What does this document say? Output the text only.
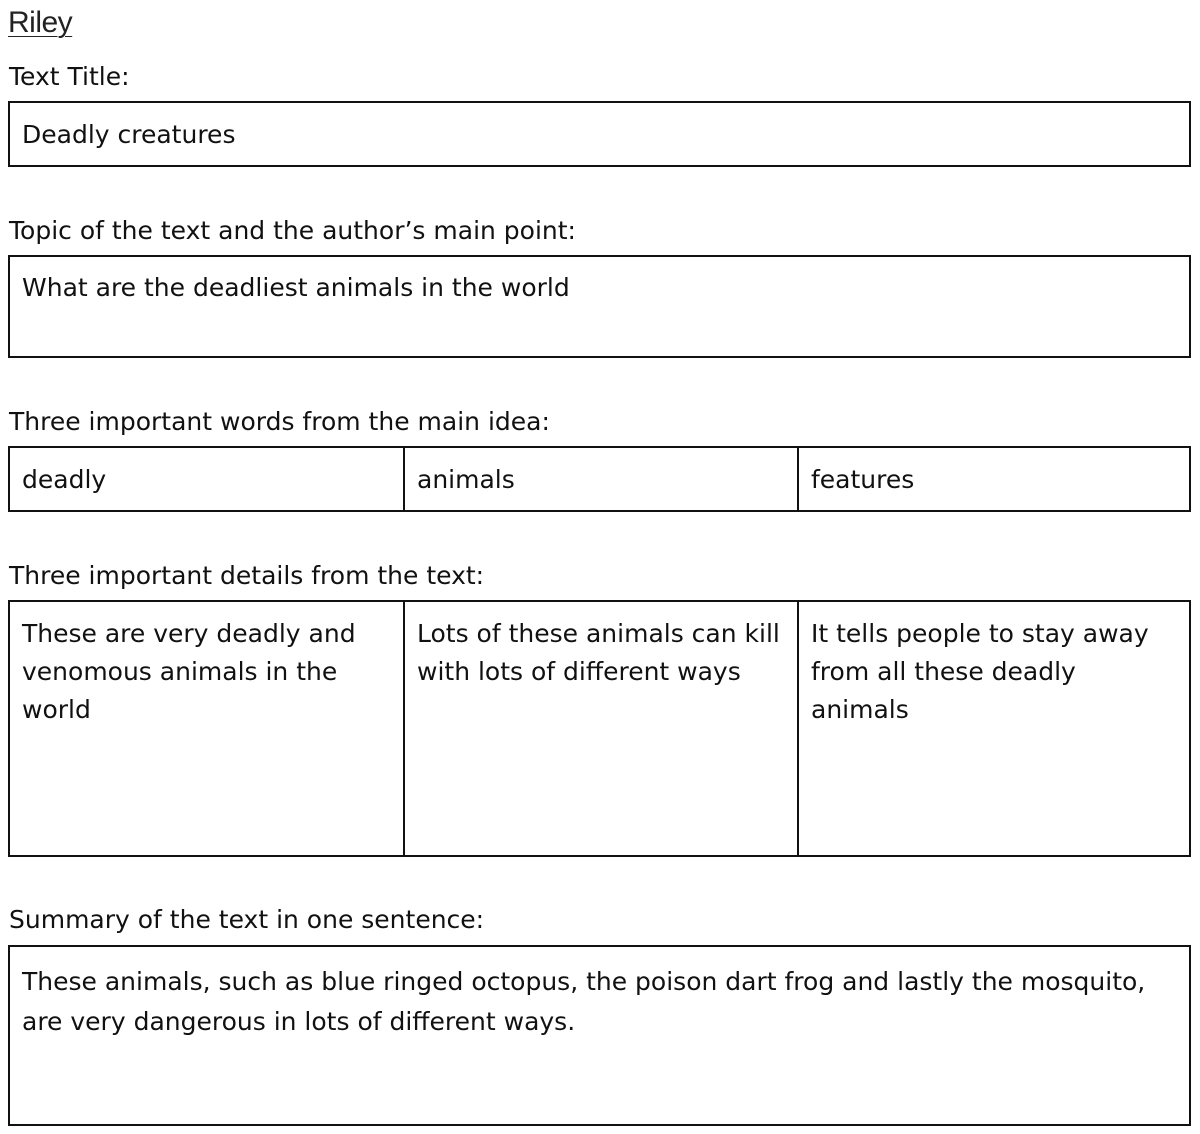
Riley
Text Title:
Deadly creatures
Topic of the text and the author’s main point:
What are the deadliest animals in the world
Three important words from the main idea:
deadly	animals	features
Three important details from the text:
These are very deadly and venomous animals in the world
Lots of these animals can kill with lots of different ways
It tells people to stay away from all these deadly animals
Summary of the text in one sentence:
These animals, such as blue ringed octopus, the poison dart frog and lastly the mosquito, are very dangerous in lots of different ways.
